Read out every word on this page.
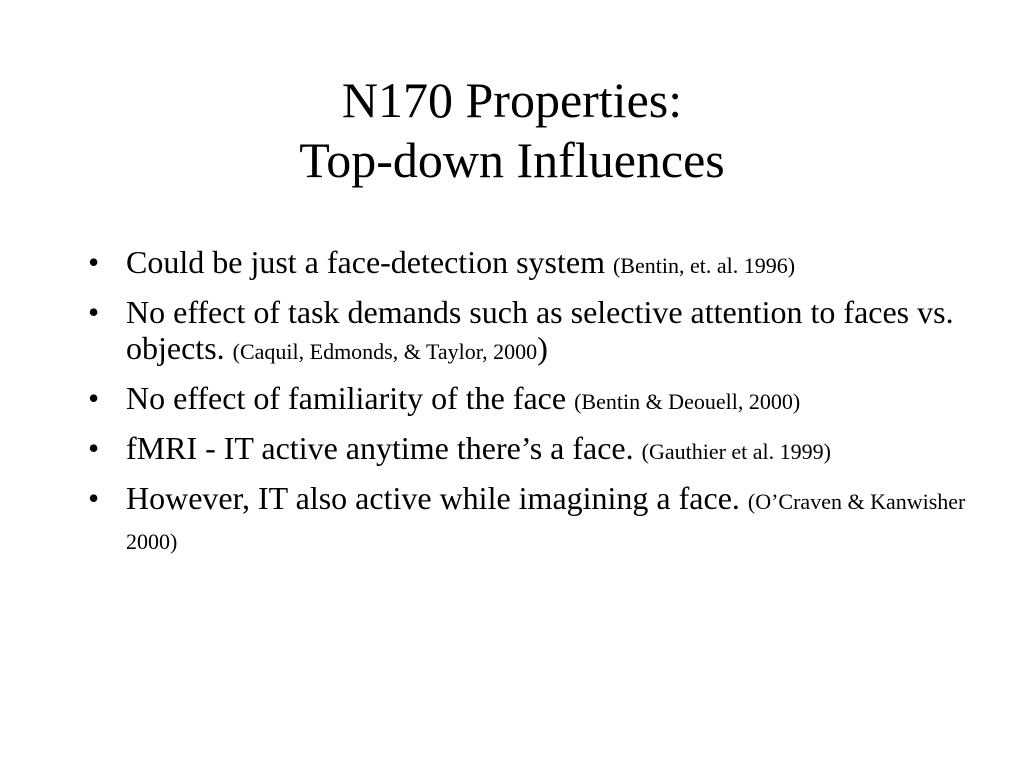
N170 Properties:
Top-down Influences
• Could be just a face-detection system (Bentin, et. al. 1996)
• No effect of task demands such as selective attention to faces vs. objects. (Caquil, Edmonds, & Taylor, 2000)
• No effect of familiarity of the face (Bentin & Deouell, 2000)
• fMRI - IT active anytime there’s a face. (Gauthier et al. 1999)
• However, IT also active while imagining a face. (O’Craven & Kanwisher 2000)
